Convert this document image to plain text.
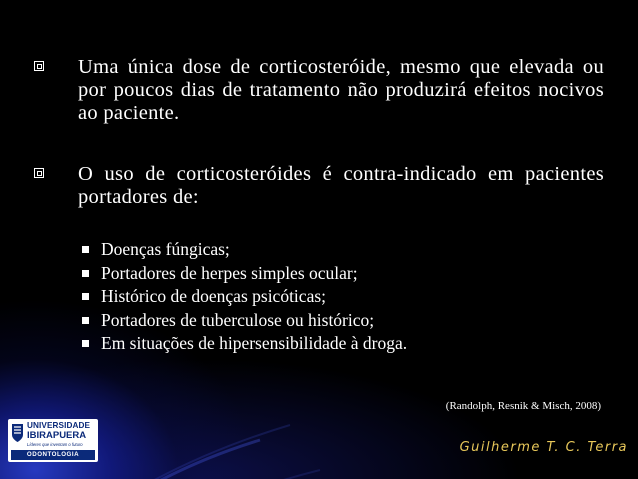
Uma única dose de corticosteróide, mesmo que elevada ou por poucos dias de tratamento não produzirá efeitos nocivos ao paciente.
O uso de corticosteróides é contra-indicado em pacientes portadores de:
Doenças fúngicas;
Portadores de herpes simples ocular;
Histórico de doenças psicóticas;
Portadores de tuberculose ou histórico;
Em situações de hipersensibilidade à droga.
(Randolph, Resnik & Misch, 2008)
UNIVERSIDADE
IBIRAPUERA
Líderes que inventam o futuro
ODONTOLOGIA	Guilherme T. C. Terra
